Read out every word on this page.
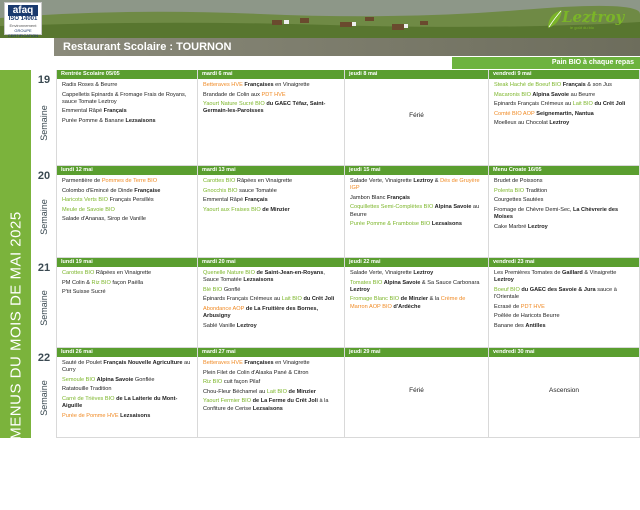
afaq
ISO 14001
Environnement
GROUPE CERTIFICATION
Leztroy
le goût du bio
Restaurant Scolaire : TOURNON
Pain BIO à chaque repas
MENUS DU MOIS DE MAI 2025
19
Semaine
Rentrée Scolaire 05/05
Radis Roses & Beurre
Cappelletis Epinards & Fromage Frais de Royans, sauce Tomate Leztroy
Emmental Râpé Français
Purée Pomme & Banane Lezsaisons
mardi 6 mai
Betteraves HVE Françaises en Vinaigrette
Brandade de Colin aux PDT HVE
Yaourt Nature Sucré BIO du GAEC Téfaz, Saint-Germain-les-Paroisses
jeudi 8 mai
Férié
vendredi 9 mai
Steak Haché de Boeuf BIO Français & son Jus
Macaronis BIO Alpina Savoie au Beurre
Epinards Français Crémeux au Lait BIO du Crêt Joli
Comté BIO AOP Seignemartin, Nantua
Moelleux au Chocolat Leztroy
20
Semaine
lundi 12 mai
Parmentière de Pommes de Terre BIO
Colombo d'Emincé de Dinde Française
Haricots Verts BIO Français Persillés
Meule de Savoie BIO
Salade d'Ananas, Sirop de Vanille
mardi 13 mai
Carottes BIO Râpées en Vinaigrette
Gnocchis BIO sauce Tomatée
Emmental Râpé Français
Yaourt aux Fraises BIO de Minzier
jeudi 15 mai
Salade Verte, Vinaigrette Leztroy & Dés de Gruyère IGP
Jambon Blanc Français
Coquillettes Semi-Complètes BIO Alpina Savoie au Beurre
Purée Pomme & Framboise BIO Lezsaisons
Menu Croate 16/05
Brudet de Poissons
Polenta BIO Tradition
Courgettes Sautées
Fromage de Chèvre Demi-Sec, La Chèvrerie des Moises
Cake Marbré Leztroy
21
Semaine
lundi 19 mai
Carottes BIO Râpées en Vinaigrette
PM Colin & Riz BIO façon Paëlla
P'tit Suisse Sucré
mardi 20 mai
Quenelle Nature BIO de Saint-Jean-en-Royans, Sauce Tomatée Lezsaisons
Blé BIO Gonflé
Épinards Français Crémeux au Lait BIO du Crêt Joli
Abondance AOP de La Fruitière des Bornes, Arbusigny
Sablé Vanille Leztroy
jeudi 22 mai
Salade Verte, Vinaigrette Leztroy
Tomates BIO Alpina Savoie & Sa Sauce Carbonara Leztroy
Fromage Blanc BIO de Minzier & la Crème de Marron AOP BIO d'Ardèche
vendredi 23 mai
Les Premières Tomates de Gaillard & Vinaigrette Leztroy
Boeuf BIO du GAEC des Savoie & Jura sauce à l'Orientale
Ecrasé de PDT HVE
Poêlée de Haricots Beurre
Banane des Antilles
22
Semaine
lundi 26 mai
Sauté de Poulet Français Nouvelle Agriculture au Curry
Semoule BIO Alpina Savoie Gonflée
Ratatouille Tradition
Carré de Trièves BIO de La Laiterie du Mont-Aiguille
Purée de Pomme HVE Lezsaisons
mardi 27 mai
Betteraves HVE Françaises en Vinaigrette
Plein Filet de Colin d'Alaska Pané & Citron
Riz BIO cuit façon Pilaf
Chou-Fleur Béchamel au Lait BIO de Minzier
Yaourt Fermier BIO de La Ferme du Crêt Joli à la Confiture de Cerise Lezsaisons
jeudi 29 mai
Férié
vendredi 30 mai
Ascension
